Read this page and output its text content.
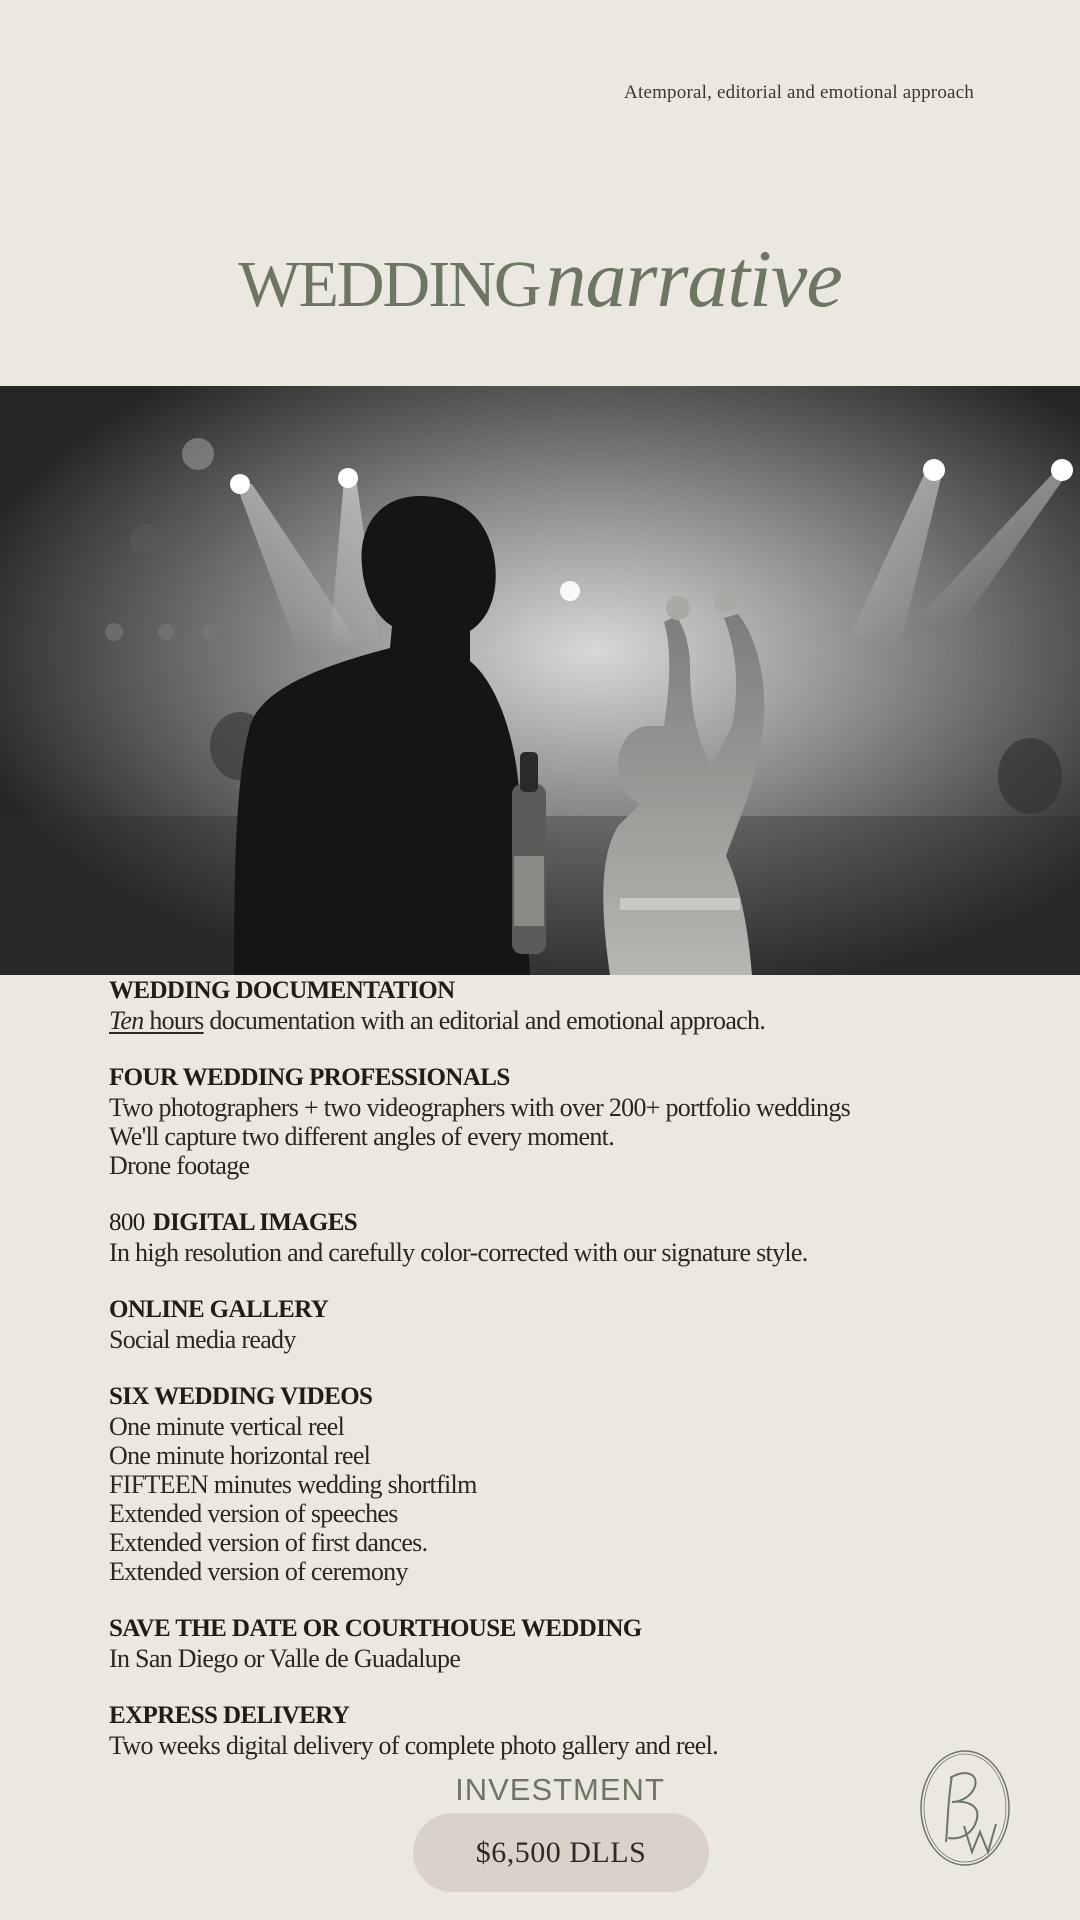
Atemporal, editorial and emotional approach
WEDDINGnarrative
WEDDING DOCUMENTATION
Ten hours documentation with an editorial and emotional approach.
FOUR WEDDING PROFESSIONALS
Two photographers + two videographers with over 200+ portfolio weddings
We'll capture two different angles of every moment.
Drone footage
800 DIGITAL IMAGES
In high resolution and carefully color-corrected with our signature style.
ONLINE GALLERY
Social media ready
SIX WEDDING VIDEOS
One minute vertical reel
One minute horizontal reel
FIFTEEN minutes wedding shortfilm
Extended version of speeches
Extended version of first dances.
Extended version of ceremony
SAVE THE DATE OR COURTHOUSE WEDDING
In San Diego or Valle de Guadalupe
EXPRESS DELIVERY
Two weeks digital delivery of complete photo gallery and reel.
INVESTMENT
$6,500 DLLS
